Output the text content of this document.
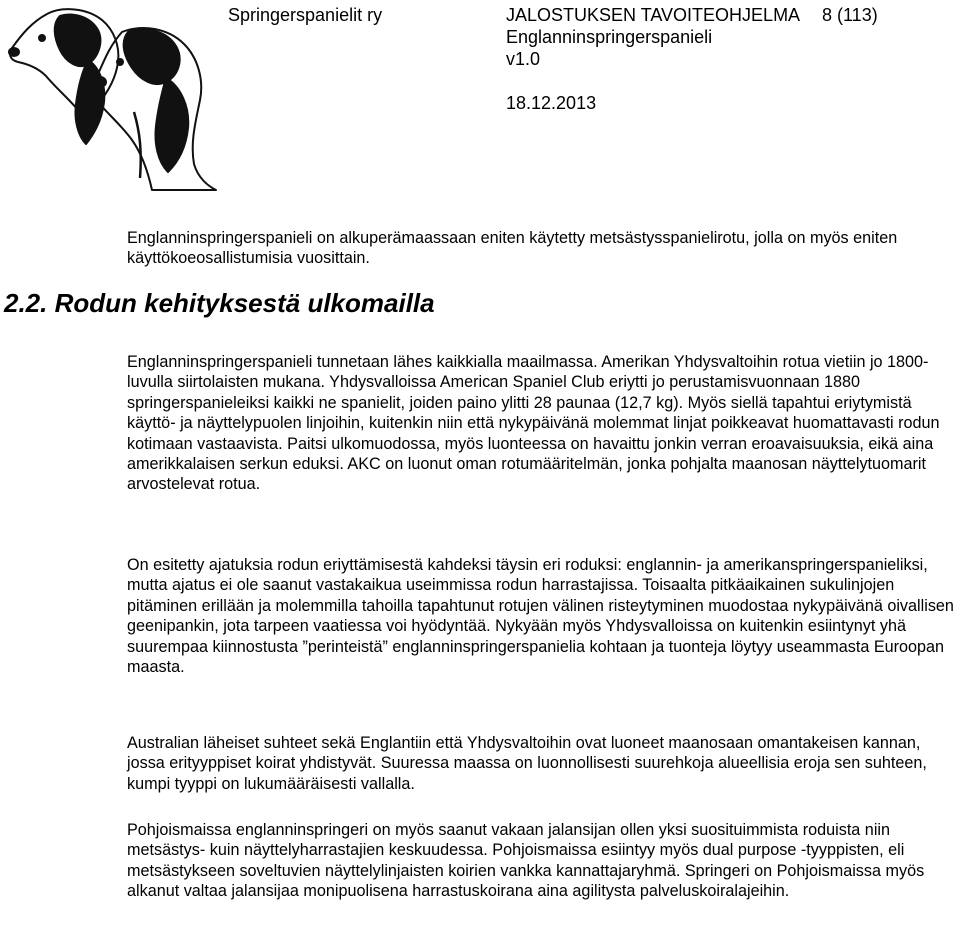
Springerspanielit ry	JALOSTUKSEN TAVOITEOHJELMA 8 (113)
Englanninspringerspanieli
v1.0
18.12.2013

Englanninspringerspanieli on alkuperämaassaan eniten käytetty metsästysspanielirotu, jolla on myös eniten käyttökoeosallistumisia vuosittain.

2.2. Rodun kehityksestä ulkomailla

Englanninspringerspanieli tunnetaan lähes kaikkialla maailmassa. Amerikan Yhdysvaltoihin rotua vietiin jo 1800-luvulla siirtolaisten mukana. Yhdysvalloissa American Spaniel Club eriytti jo perustamisvuonnaan 1880 springerspanieleiksi kaikki ne spanielit, joiden paino ylitti 28 paunaa (12,7 kg). Myös siellä tapahtui eriytymistä käyttö- ja näyttelypuolen linjoihin, kuitenkin niin että nykypäivänä molemmat linjat poikkeavat huomattavasti rodun kotimaan vastaavista. Paitsi ulkomuodossa, myös luonteessa on havaittu jonkin verran eroavaisuuksia, eikä aina amerikkalaisen serkun eduksi. AKC on luonut oman rotumääritelmän, jonka pohjalta maanosan näyttelytuomarit arvostelevat rotua.

On esitetty ajatuksia rodun eriyttämisestä kahdeksi täysin eri roduksi: englannin- ja amerikanspringerspanieliksi, mutta ajatus ei ole saanut vastakaikua useimmissa rodun harrastajissa. Toisaalta pitkäaikainen sukulinjojen pitäminen erillään ja molemmilla tahoilla tapahtunut rotujen välinen risteytyminen muodostaa nykypäivänä oivallisen geenipankin, jota tarpeen vaatiessa voi hyödyntää. Nykyään myös Yhdysvalloissa on kuitenkin esiintynyt yhä suurempaa kiinnostusta ”perinteistä” englanninspringerspanielia kohtaan ja tuonteja löytyy useammasta Euroopan maasta.

Australian läheiset suhteet sekä Englantiin että Yhdysvaltoihin ovat luoneet maanosaan omantakeisen kannan, jossa erityyppiset koirat yhdistyvät. Suuressa maassa on luonnollisesti suurehkoja alueellisia eroja sen suhteen, kumpi tyyppi on lukumääräisesti vallalla.

Pohjoismaissa englanninspringeri on myös saanut vakaan jalansijan ollen yksi suosituimmista roduista niin metsästys- kuin näyttelyharrastajien keskuudessa. Pohjoismaissa esiintyy myös dual purpose -tyyppisten, eli metsästykseen soveltuvien näyttelylinjaisten koirien vankka kannattajaryhmä. Springeri on Pohjoismaissa myös alkanut valtaa jalansijaa monipuolisena harrastuskoirana aina agilitysta palveluskoiralajeihin.
